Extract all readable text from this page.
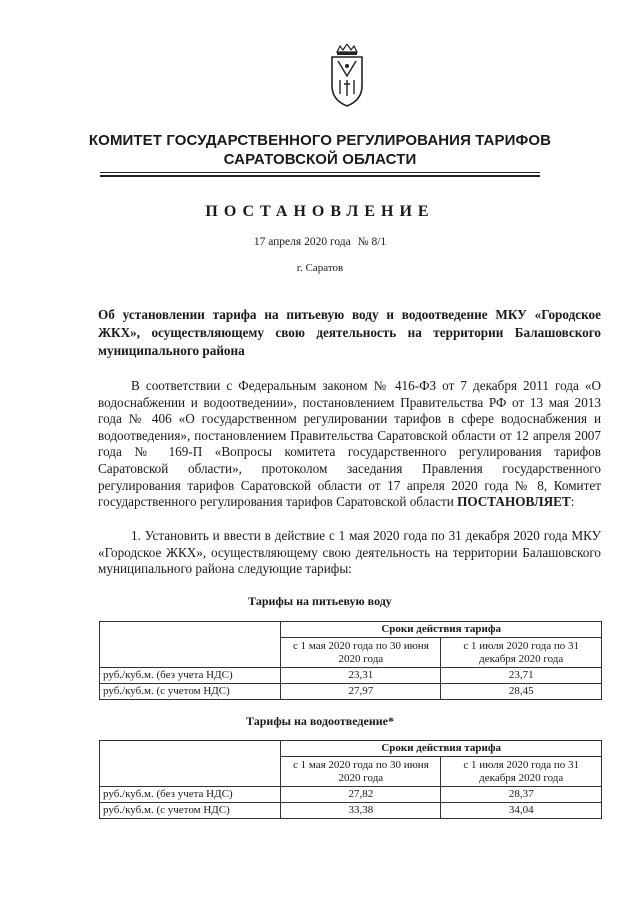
КОМИТЕТ ГОСУДАРСТВЕННОГО РЕГУЛИРОВАНИЯ ТАРИФОВ
САРАТОВСКОЙ ОБЛАСТИ
ПОСТАНОВЛЕНИЕ
17 апреля 2020 года № 8/1
г. Саратов
Об установлении тарифа на питьевую воду и водоотведение МКУ «Городское ЖКХ», осуществляющему свою деятельность на территории Балашовского муниципального района
В соответствии с Федеральным законом № 416-ФЗ от 7 декабря 2011 года «О водоснабжении и водоотведении», постановлением Правительства РФ от 13 мая 2013 года № 406 «О государственном регулировании тарифов в сфере водоснабжения и водоотведения», постановлением Правительства Саратовской области от 12 апреля 2007 года № 169-П «Вопросы комитета государственного регулирования тарифов Саратовской области», протоколом заседания Правления государственного регулирования тарифов Саратовской области от 17 апреля 2020 года № 8, Комитет государственного регулирования тарифов Саратовской области ПОСТАНОВЛЯЕТ:
1. Установить и ввести в действие с 1 мая 2020 года по 31 декабря 2020 года МКУ «Городское ЖКХ», осуществляющему свою деятельность на территории Балашовского муниципального района следующие тарифы:
Тарифы на питьевую воду
	Сроки действия тарифа	
	с 1 мая 2020 года по 30 июня 2020 года	с 1 июля 2020 года по 31 декабря 2020 года
руб./куб.м. (без учета НДС)	23,31	23,71
руб./куб.м. (с учетом НДС)	27,97	28,45
Тарифы на водоотведение*
	Сроки действия тарифа	
	с 1 мая 2020 года по 30 июня 2020 года	с 1 июля 2020 года по 31 декабря 2020 года
руб./куб.м. (без учета НДС)	27,82	28,37
руб./куб.м. (с учетом НДС)	33,38	34,04
